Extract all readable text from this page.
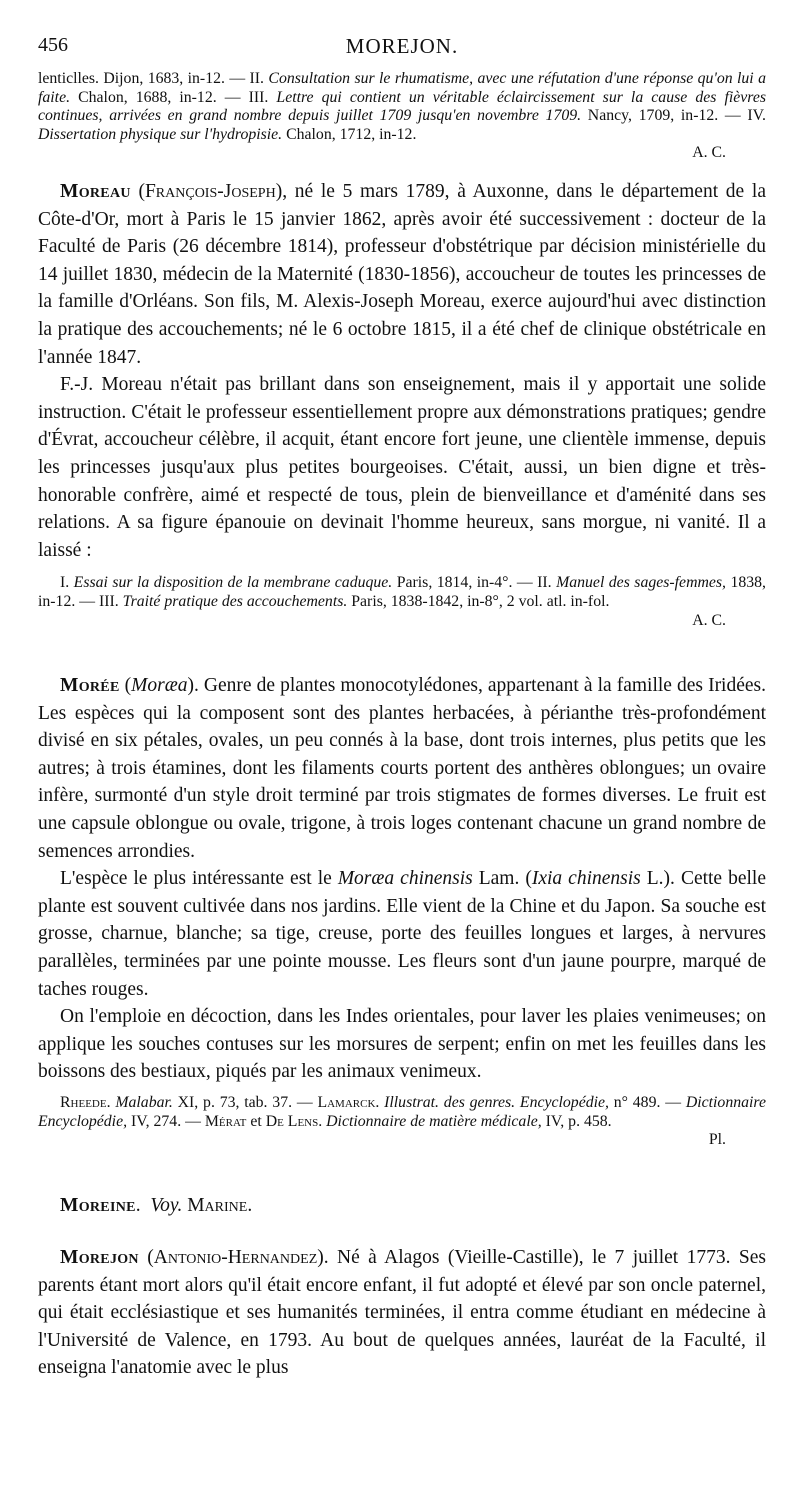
456	MOREJON.

lenticlles. Dijon, 1683, in-12. — II. Consultation sur le rhumatisme, avec une réfutation d'une réponse qu'on lui a faite. Chalon, 1688, in-12. — III. Lettre qui contient un véritable éclaircissement sur la cause des fièvres continues, arrivées en grand nombre depuis juillet 1709 jusqu'en novembre 1709. Nancy, 1709, in-12. — IV. Dissertation physique sur l'hydropisie. Chalon, 1712, in-12.

A. C.

Moreau (François-Joseph), né le 5 mars 1789, à Auxonne, dans le département de la Côte-d'Or, mort à Paris le 15 janvier 1862, après avoir été successivement : docteur de la Faculté de Paris (26 décembre 1814), professeur d'obstétrique par décision ministérielle du 14 juillet 1830, médecin de la Maternité (1830-1856), accoucheur de toutes les princesses de la famille d'Orléans. Son fils, M. Alexis-Joseph Moreau, exerce aujourd'hui avec distinction la pratique des accouchements; né le 6 octobre 1815, il a été chef de clinique obstétricale en l'année 1847.

F.-J. Moreau n'était pas brillant dans son enseignement, mais il y apportait une solide instruction. C'était le professeur essentiellement propre aux démonstrations pratiques; gendre d'Évrat, accoucheur célèbre, il acquit, étant encore fort jeune, une clientèle immense, depuis les princesses jusqu'aux plus petites bourgeoises. C'était, aussi, un bien digne et très-honorable confrère, aimé et respecté de tous, plein de bienveillance et d'aménité dans ses relations. A sa figure épanouie on devinait l'homme heureux, sans morgue, ni vanité. Il a laissé :

I. Essai sur la disposition de la membrane caduque. Paris, 1814, in-4°. — II. Manuel des sages-femmes, 1838, in-12. — III. Traité pratique des accouchements. Paris, 1838-1842, in-8°, 2 vol. atl. in-fol.

A. C.

Morée (Moræa). Genre de plantes monocotylédones, appartenant à la famille des Iridées. Les espèces qui la composent sont des plantes herbacées, à périanthe très-profondément divisé en six pétales, ovales, un peu connés à la base, dont trois internes, plus petits que les autres; à trois étamines, dont les filaments courts portent des anthères oblongues; un ovaire infère, surmonté d'un style droit terminé par trois stigmates de formes diverses. Le fruit est une capsule oblongue ou ovale, trigone, à trois loges contenant chacune un grand nombre de semences arrondies.

L'espèce le plus intéressante est le Moræa chinensis Lam. (Ixia chinensis L.). Cette belle plante est souvent cultivée dans nos jardins. Elle vient de la Chine et du Japon. Sa souche est grosse, charnue, blanche; sa tige, creuse, porte des feuilles longues et larges, à nervures parallèles, terminées par une pointe mousse. Les fleurs sont d'un jaune pourpre, marqué de taches rouges.

On l'emploie en décoction, dans les Indes orientales, pour laver les plaies venimeuses; on applique les souches contuses sur les morsures de serpent; enfin on met les feuilles dans les boissons des bestiaux, piqués par les animaux venimeux.

Rheede. Malabar. XI, p. 73, tab. 37. — Lamarck. Illustrat. des genres. Encyclopédie, n° 489. — Dictionnaire Encyclopédie, IV, 274. — Mérat et De Lens. Dictionnaire de matière médicale, IV, p. 458.

Pl.

Moreine.  Voy. Marine.

Morejon (Antonio-Hernandez). Né à Alagos (Vieille-Castille), le 7 juillet 1773. Ses parents étant mort alors qu'il était encore enfant, il fut adopté et élevé par son oncle paternel, qui était ecclésiastique et ses humanités terminées, il entra comme étudiant en médecine à l'Université de Valence, en 1793. Au bout de quelques années, lauréat de la Faculté, il enseigna l'anatomie avec le plus
